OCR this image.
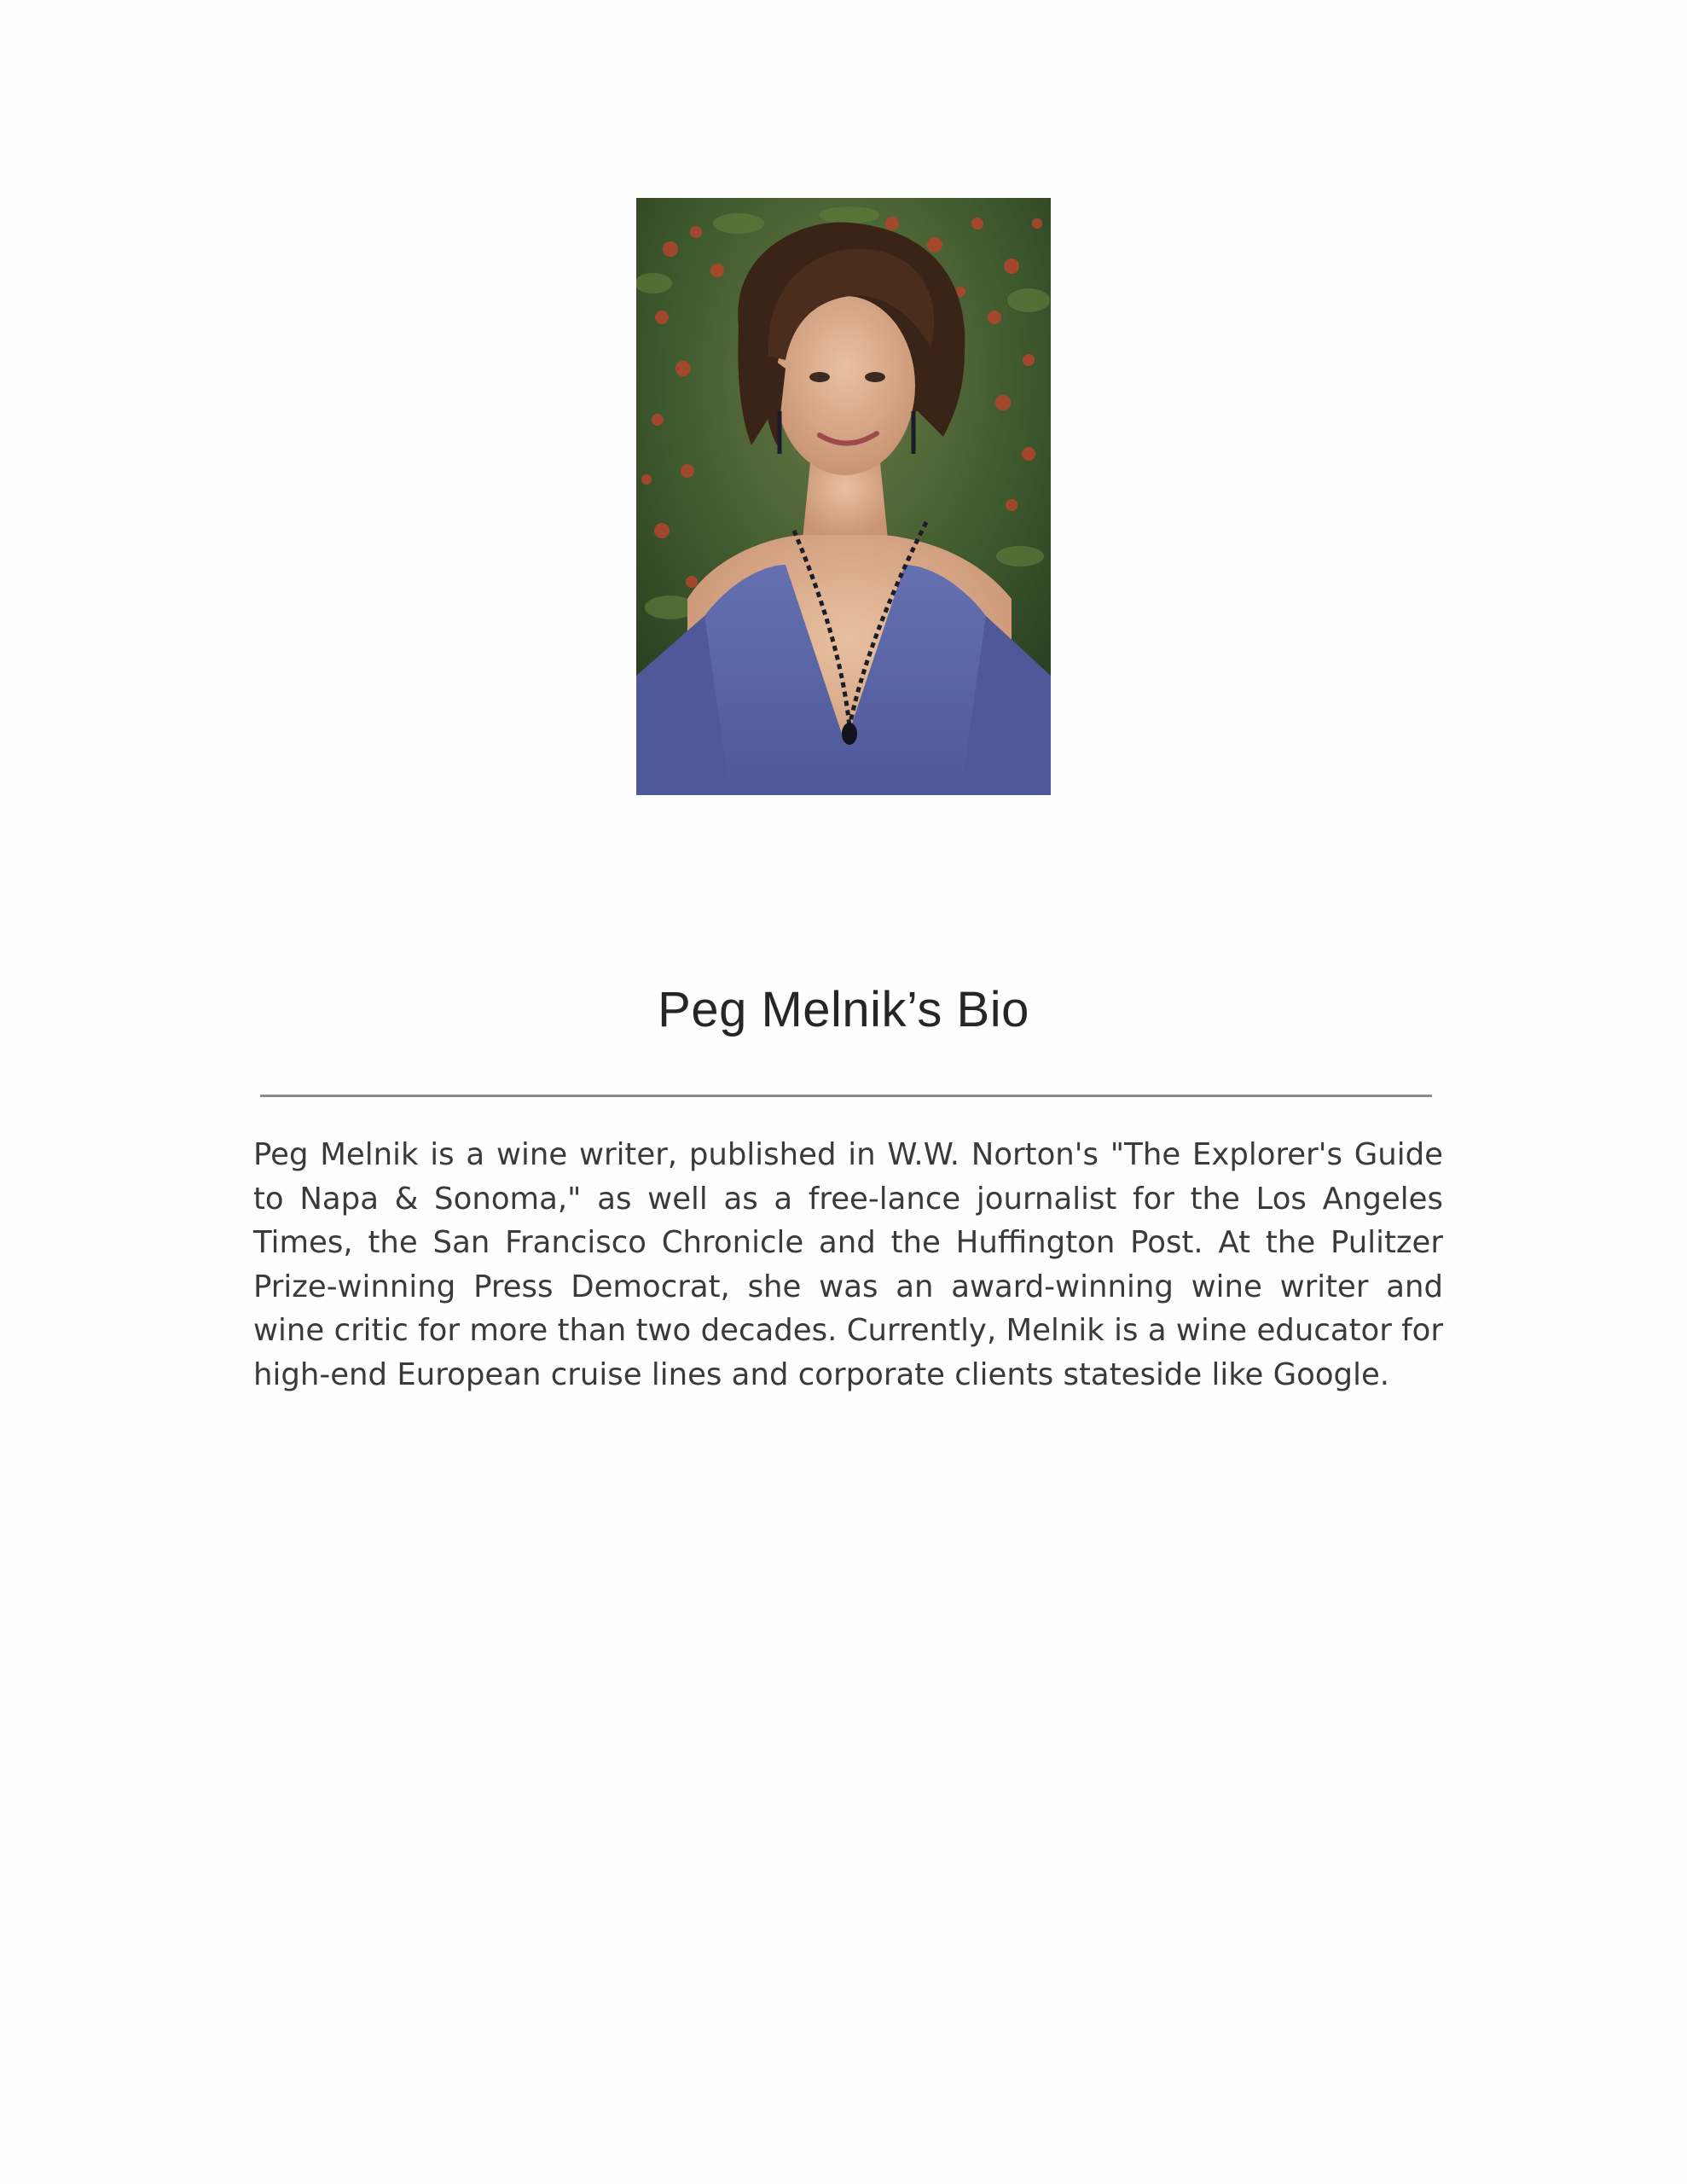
Peg Melnik’s Bio

Peg Melnik is a wine writer, published in W.W. Norton's "The Explorer's Guide to Napa & Sonoma," as well as a free-lance journalist for the Los Angeles Times, the San Francisco Chronicle and the Huffington Post. At the Pulitzer Prize-winning Press Democrat, she was an award-winning wine writer and wine critic for more than two decades. Currently, Melnik is a wine educator for high-end European cruise lines and corporate clients stateside like Google.
